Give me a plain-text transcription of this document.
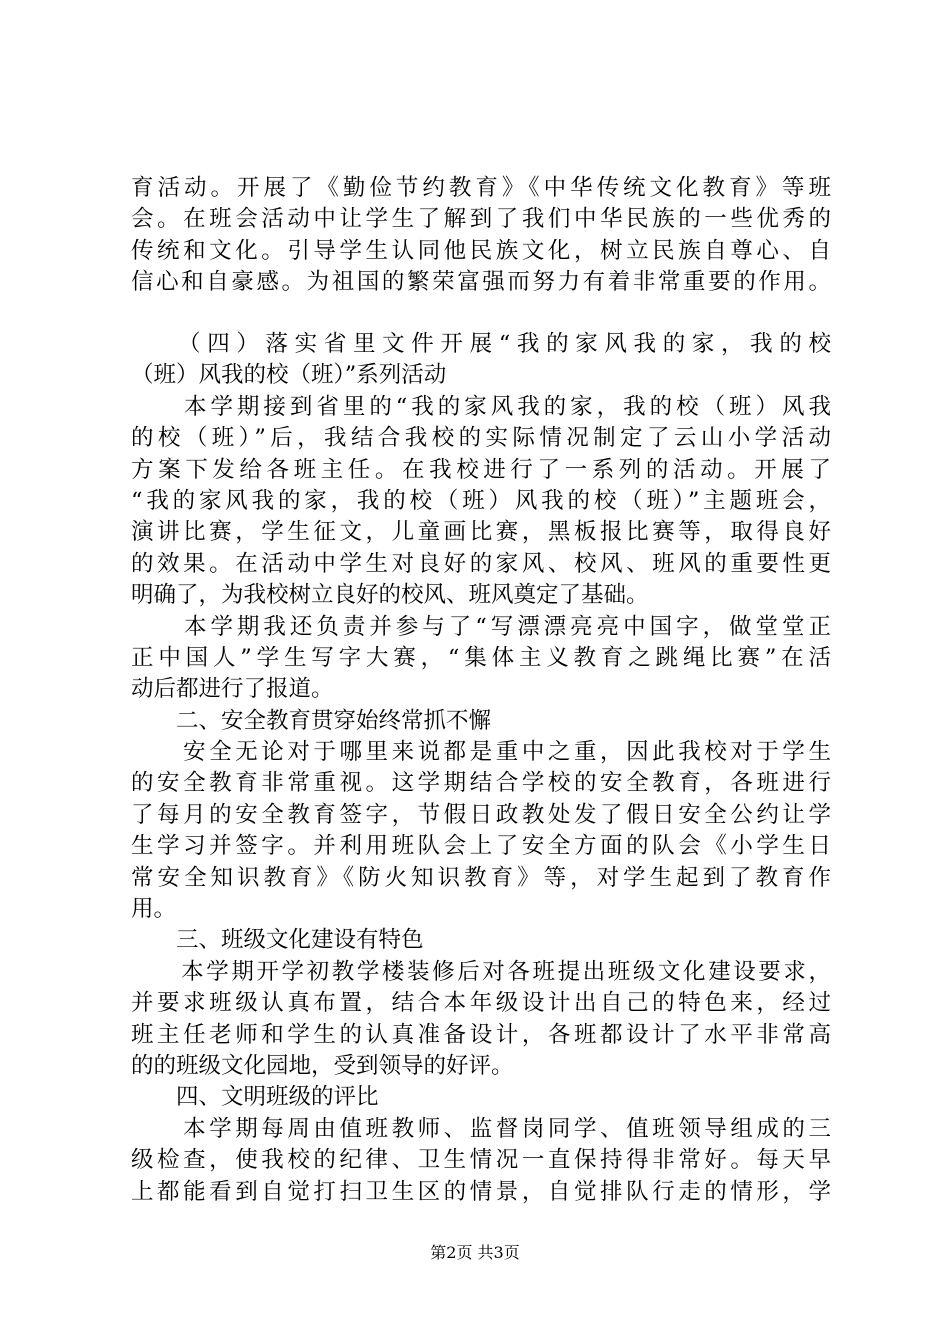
育活动。开展了《勤俭节约教育》《中华传统文化教育》等班
会。在班会活动中让学生了解到了我们中华民族的一些优秀的
传统和文化。引导学生认同他民族文化，树立民族自尊心、自
信心和自豪感。为祖国的繁荣富强而努力有着非常重要的作用。
　　（四）落实省里文件开展“我的家风我的家，我的校
（班）风我的校（班）”系列活动
　　本学期接到省里的“我的家风我的家，我的校（班）风我
的校（班）”后，我结合我校的实际情况制定了云山小学活动
方案下发给各班主任。在我校进行了一系列的活动。开展了
“我的家风我的家，我的校（班）风我的校（班）”主题班会，
演讲比赛，学生征文，儿童画比赛，黑板报比赛等，取得良好
的效果。在活动中学生对良好的家风、校风、班风的重要性更
明确了，为我校树立良好的校风、班风奠定了基础。
　　本学期我还负责并参与了“写漂漂亮亮中国字，做堂堂正
正中国人”学生写字大赛，“集体主义教育之跳绳比赛”在活
动后都进行了报道。
　　二、安全教育贯穿始终常抓不懈
　　安全无论对于哪里来说都是重中之重，因此我校对于学生
的安全教育非常重视。这学期结合学校的安全教育，各班进行
了每月的安全教育签字，节假日政教处发了假日安全公约让学
生学习并签字。并利用班队会上了安全方面的队会《小学生日
常安全知识教育》《防火知识教育》等，对学生起到了教育作
用。
　　三、班级文化建设有特色
　　本学期开学初教学楼装修后对各班提出班级文化建设要求，
并要求班级认真布置，结合本年级设计出自己的特色来，经过
班主任老师和学生的认真准备设计，各班都设计了水平非常高
的的班级文化园地，受到领导的好评。
　　四、文明班级的评比
　　本学期每周由值班教师、监督岗同学、值班领导组成的三
级检查，使我校的纪律、卫生情况一直保持得非常好。每天早
上都能看到自觉打扫卫生区的情景，自觉排队行走的情形，学
第2页 共3页
